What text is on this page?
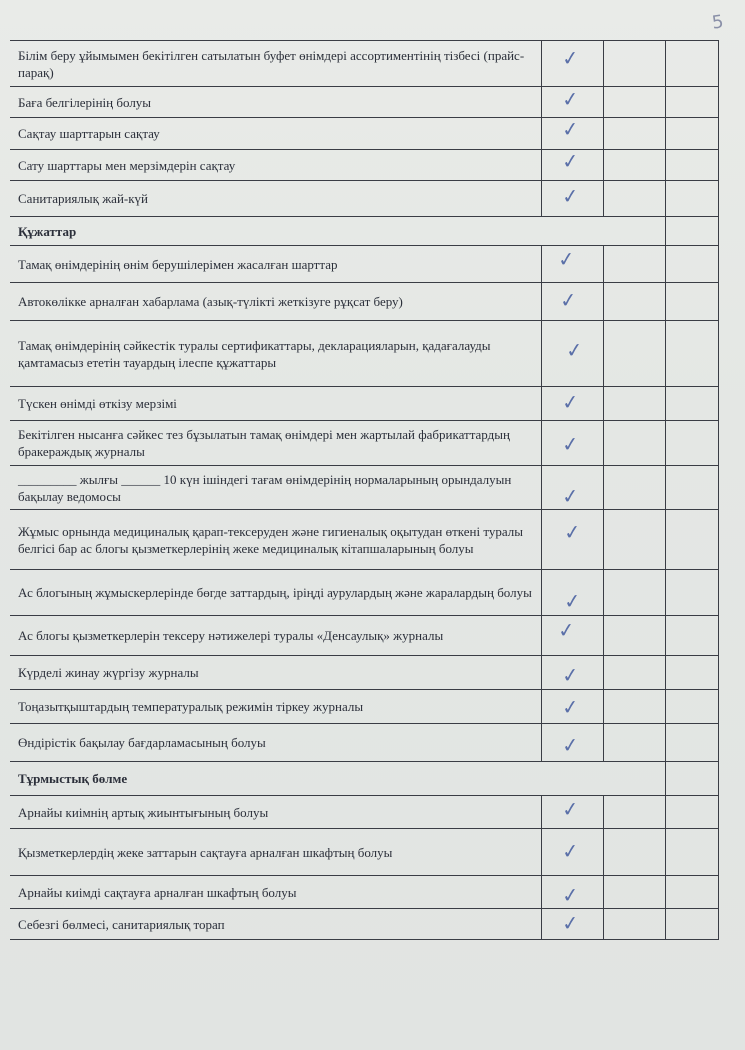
5
Білім беру ұйымымен бекітілген сатылатын буфет өнімдері ассортиментінің тізбесі (прайс-парақ)	✓		
Баға белгілерінің болуы	✓		
Сақтау шарттарын сақтау	✓		
Сату шарттары мен мерзімдерін сақтау	✓		
Санитариялық жай-күй	✓		
Құжаттар			
Тамақ өнімдерінің өнім берушілерімен жасалған шарттар	✓		
Автокөлікке арналған хабарлама (азық-түлікті жеткізуге рұқсат беру)	✓		
Тамақ өнімдерінің сәйкестік туралы сертификаттары, декларацияларын, қадағалауды қамтамасыз ететін тауардың ілеспе құжаттары	✓		
Түскен өнімді өткізу мерзімі	✓		
Бекітілген нысанға сәйкес тез бұзылатын тамақ өнімдері мен жартылай фабрикаттардың бракераждық журналы	✓		
_________ жылғы ______ 10 күн ішіндегі тағам өнімдерінің нормаларының орындалуын бақылау ведомосы	✓		
Жұмыс орнында медициналық қарап-тексеруден және гигиеналық оқытудан өткені туралы белгісі бар ас блогы қызметкерлерінің жеке медициналық кітапшаларының болуы	✓		
Ас блогының жұмыскерлерінде бөгде заттардың, іріңді аурулардың және жаралардың болуы	✓		
Ас блогы қызметкерлерін тексеру нәтижелері туралы «Денсаулық» журналы	✓		
Күрделі жинау жүргізу журналы	✓		
Тоңазытқыштардың температуралық режимін тіркеу журналы	✓		
Өндірістік бақылау бағдарламасының болуы	✓		
Тұрмыстық бөлме			
Арнайы киімнің артық жиынтығының болуы	✓		
Қызметкерлердің жеке заттарын сақтауға арналған шкафтың болуы	✓		
Арнайы киімді сақтауға арналған шкафтың болуы	✓		
Себезгі бөлмесі, санитариялық торап	✓		
